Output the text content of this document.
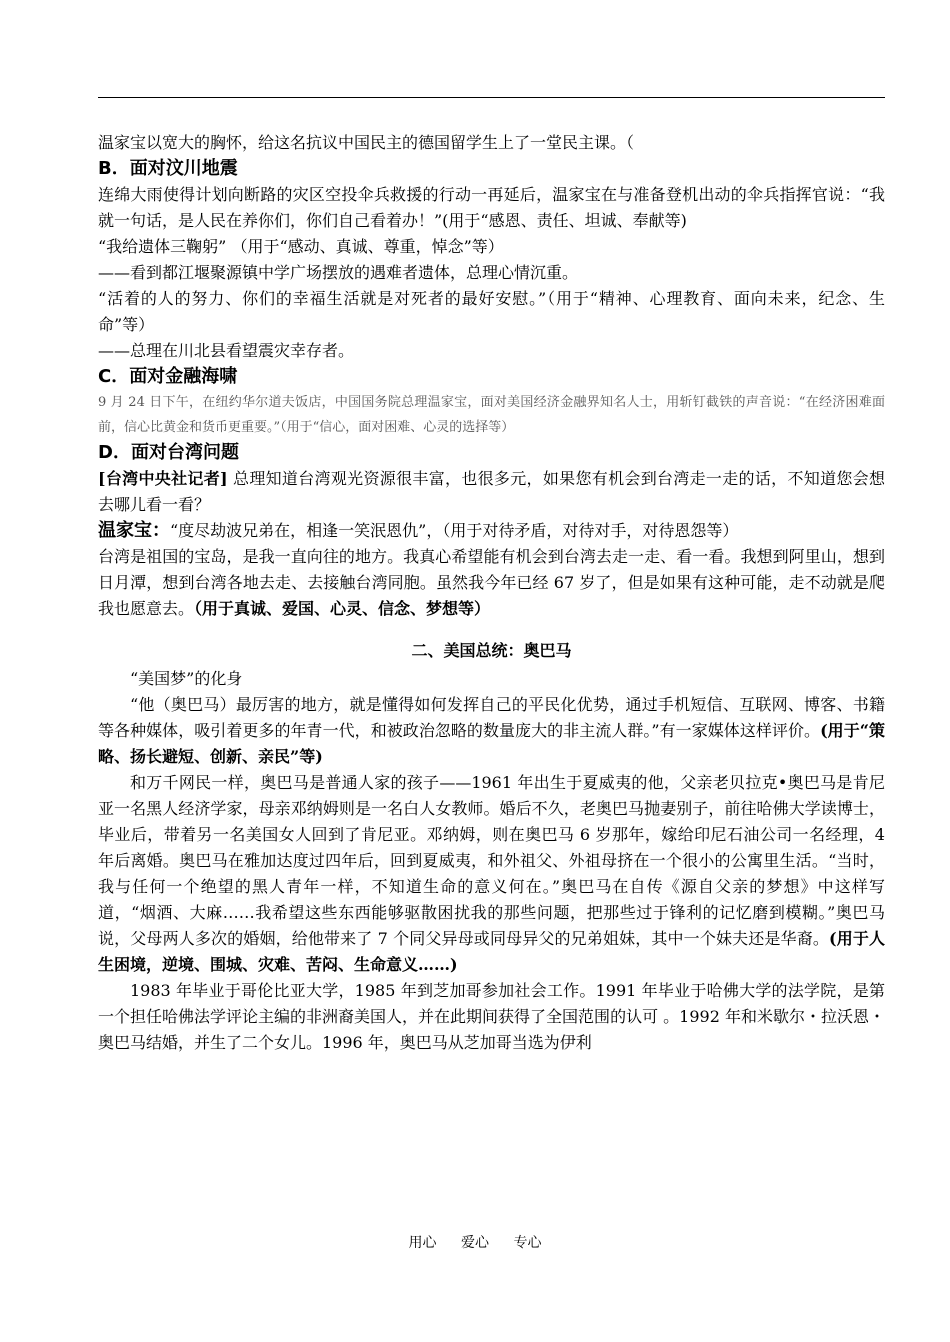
温家宝以宽大的胸怀，给这名抗议中国民主的德国留学生上了一堂民主课。（

B．面对汶川地震

连绵大雨使得计划向断路的灾区空投伞兵救援的行动一再延后，温家宝在与准备登机出动的伞兵指挥官说：“我就一句话，是人民在养你们，你们自己看着办！”(用于“感恩、责任、坦诚、奉献等)

“我给遗体三鞠躬” （用于“感动、真诚、尊重，悼念”等）

——看到都江堰聚源镇中学广场摆放的遇难者遗体，总理心情沉重。

“活着的人的努力、你们的幸福生活就是对死者的最好安慰。”（用于“精神、心理教育、面向未来，纪念、生命”等）

——总理在川北县看望震灾幸存者。

C．面对金融海啸

9 月 24 日下午，在纽约华尔道夫饭店，中国国务院总理温家宝，面对美国经济金融界知名人士，用斩钉截铁的声音说：“在经济困难面前，信心比黄金和货币更重要。”（用于“信心，面对困难、心灵的选择等）

D．面对台湾问题

[台湾中央社记者] 总理知道台湾观光资源很丰富，也很多元，如果您有机会到台湾走一走的话，不知道您会想去哪儿看一看？

温家宝：“度尽劫波兄弟在，相逢一笑泯恩仇”，（用于对待矛盾，对待对手，对待恩怨等）

台湾是祖国的宝岛，是我一直向往的地方。我真心希望能有机会到台湾去走一走、看一看。我想到阿里山，想到日月潭，想到台湾各地去走、去接触台湾同胞。虽然我今年已经 67 岁了，但是如果有这种可能，走不动就是爬我也愿意去。（用于真诚、爱国、心灵、信念、梦想等）

二、美国总统：奥巴马

“美国梦”的化身

“他（奥巴马）最厉害的地方，就是懂得如何发挥自己的平民化优势，通过手机短信、互联网、博客、书籍等各种媒体，吸引着更多的年青一代，和被政治忽略的数量庞大的非主流人群。”有一家媒体这样评价。(用于“策略、扬长避短、创新、亲民”等)

和万千网民一样，奥巴马是普通人家的孩子——1961 年出生于夏威夷的他，父亲老贝拉克•奥巴马是肯尼亚一名黑人经济学家，母亲邓纳姆则是一名白人女教师。婚后不久，老奥巴马抛妻别子，前往哈佛大学读博士，毕业后，带着另一名美国女人回到了肯尼亚。邓纳姆，则在奥巴马 6 岁那年，嫁给印尼石油公司一名经理，4 年后离婚。奥巴马在雅加达度过四年后，回到夏威夷，和外祖父、外祖母挤在一个很小的公寓里生活。“当时，我与任何一个绝望的黑人青年一样，不知道生命的意义何在。”奥巴马在自传《源自父亲的梦想》中这样写道，“烟酒、大麻……我希望这些东西能够驱散困扰我的那些问题，把那些过于锋利的记忆磨到模糊。”奥巴马说，父母两人多次的婚姻，给他带来了 7 个同父异母或同母异父的兄弟姐妹，其中一个妹夫还是华裔。(用于人生困境，逆境、围城、灾难、苦闷、生命意义……)

1983 年毕业于哥伦比亚大学，1985 年到芝加哥参加社会工作。1991 年毕业于哈佛大学的法学院，是第一个担任哈佛法学评论主编的非洲裔美国人，并在此期间获得了全国范围的认可 。1992 年和米歇尔・拉沃恩・奥巴马结婚，并生了二个女儿。1996 年，奥巴马从芝加哥当选为伊利

用心 爱心 专心
